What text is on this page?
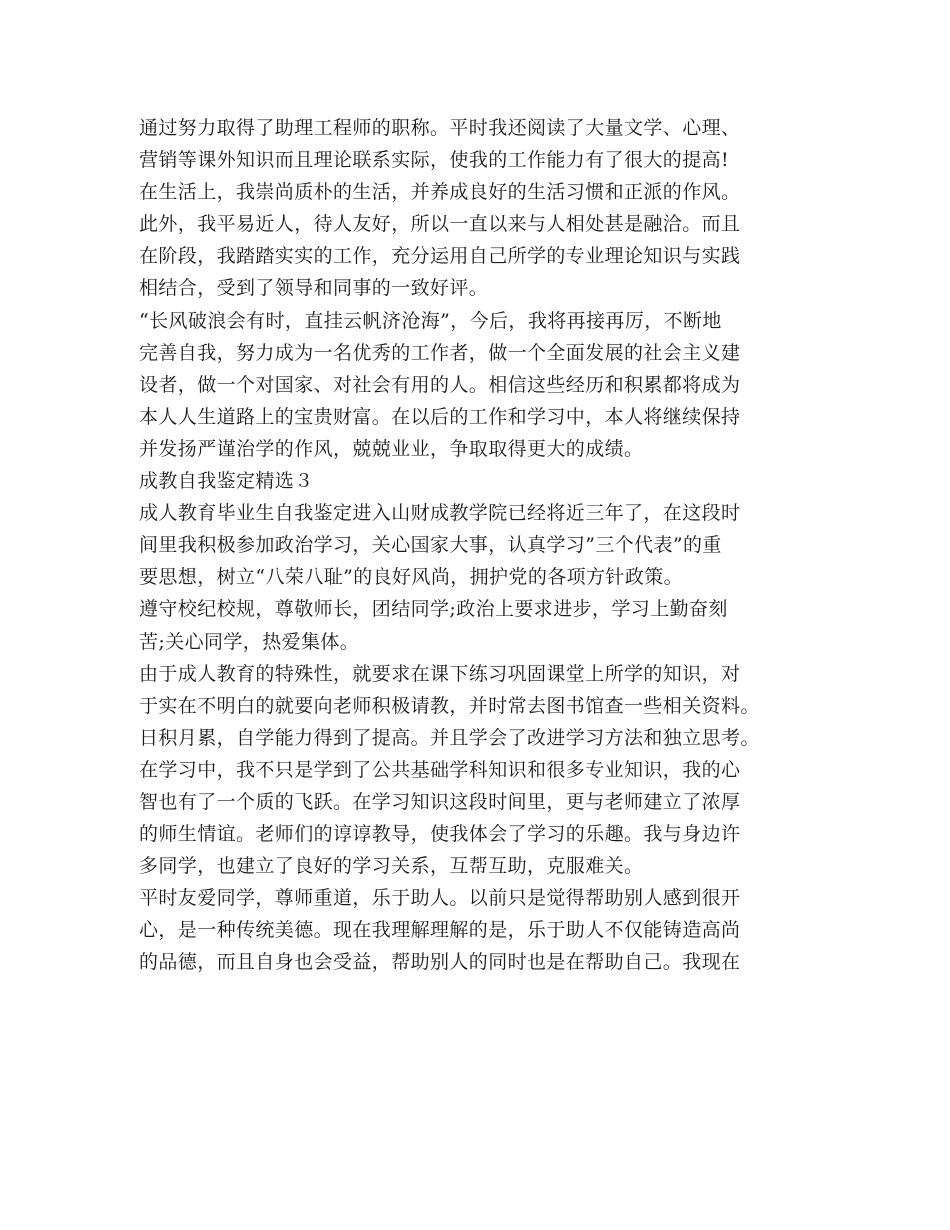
通过努力取得了助理工程师的职称。平时我还阅读了大量文学、心理、
营销等课外知识而且理论联系实际，使我的工作能力有了很大的提高!
在生活上，我崇尚质朴的生活，并养成良好的生活习惯和正派的作风。
此外，我平易近人，待人友好，所以一直以来与人相处甚是融洽。而且
在阶段，我踏踏实实的工作，充分运用自己所学的专业理论知识与实践
相结合，受到了领导和同事的一致好评。
“长风破浪会有时，直挂云帆济沧海”，今后，我将再接再厉，不断地
完善自我，努力成为一名优秀的工作者，做一个全面发展的社会主义建
设者，做一个对国家、对社会有用的人。相信这些经历和积累都将成为
本人人生道路上的宝贵财富。在以后的工作和学习中，本人将继续保持
并发扬严谨治学的作风，兢兢业业，争取取得更大的成绩。
成教自我鉴定精选３
成人教育毕业生自我鉴定进入山财成教学院已经将近三年了，在这段时
间里我积极参加政治学习，关心国家大事，认真学习”三个代表”的重
要思想，树立“八荣八耻”的良好风尚，拥护党的各项方针政策。
遵守校纪校规，尊敬师长，团结同学;政治上要求进步，学习上勤奋刻
苦;关心同学，热爱集体。
由于成人教育的特殊性，就要求在课下练习巩固课堂上所学的知识，对
于实在不明白的就要向老师积极请教，并时常去图书馆查一些相关资料。
日积月累，自学能力得到了提高。并且学会了改进学习方法和独立思考。
在学习中，我不只是学到了公共基础学科知识和很多专业知识，我的心
智也有了一个质的飞跃。在学习知识这段时间里，更与老师建立了浓厚
的师生情谊。老师们的谆谆教导，使我体会了学习的乐趣。我与身边许
多同学，也建立了良好的学习关系，互帮互助，克服难关。
平时友爱同学，尊师重道，乐于助人。以前只是觉得帮助别人感到很开
心，是一种传统美德。现在我理解理解的是，乐于助人不仅能铸造高尚
的品德，而且自身也会受益，帮助别人的同时也是在帮助自己。我现在
